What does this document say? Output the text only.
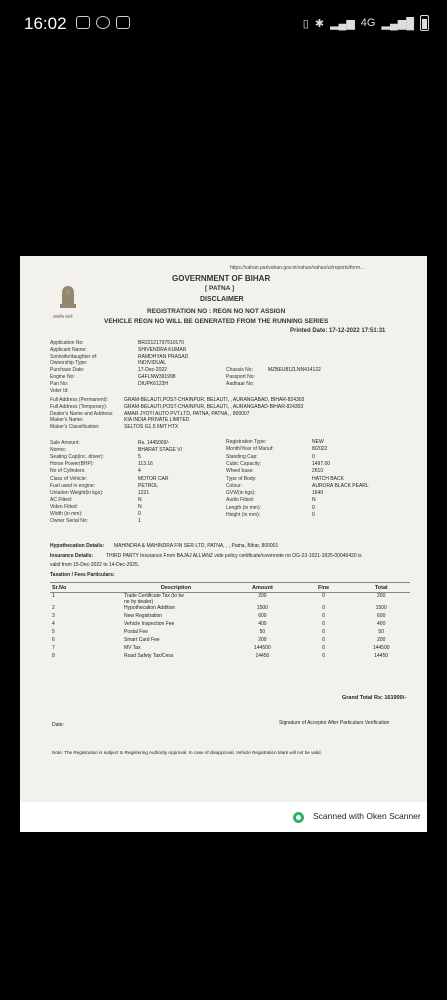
16:02	▯ ✱ ▂▄▆ 4G ▂▄▆█
https://vahan.parivahan.gov.in/vahan/vahan/ui/reports/form...
सत्यमेव जयते
GOVERNMENT OF BIHAR
[ PATNA ]
DISCLAIMER
REGISTRATION NO : REGN NO NOT ASSIGN
VEHICLE REGN NO WILL BE GENERATED FROM THE RUNNING SERIES
Printed Date: 17-12-2022 17:51:31
Application No:	BR22121797510170
Applicant Name:	SHIVENDRA KUMAR
Son/wife/daughter of:	RAMDHYAN PRASAD
Ownership Type:	INDIVIDUAL
Purchase Date:	17-Dec-2022
Engine No:	G4FLNW391998
Pan No:	DIUPK6123H
Voter Id:
Chassis No:	MZBEU81ZLNN414122
Passport No:
Aadhaar No:
Full Address (Permanent):	GRAM-BELAUTI,POST-CHAINPUR, BELAUTI, , AURANGABAD, BIHAR-824303
Full Address (Temporary):	GRAM-BELAUTI,POST-CHAINPUR, BELAUTI, , AURANGABAD-BIHAR-824303
Dealer's Name and Address: AMAR JYOTI AUTO PVT.LTD, PATNA, PATNA, , 800007
Maker's Name:	KIA INDIA PRIVATE LIMITED
Maker's Classification:	SELTOS G1.5 6MT HTX
Sale Amount:	Rs. 1445000/-
Norms:	BHARAT STAGE VI
Seating Cap(inc. driver):	5
Horse Power(BHP):	113.16
No of Cylinders:	4
Class of Vehicle:	MOTOR CAR
Fuel used in engine:	PETROL
Unladen Weight(in kgs):	1221
AC Fitted:	N
Video Fitted:	N
Width (in mm):	0
Owner Serial No:	1
Registration Type:	NEW
Month/Year of Manuf:	8/2022
Standing Cap:	0
Cubic Capacity:	1497.00
Wheel base:	2610
Type of Body:	HATCH BACK
Colour:	AURORA BLACK PEARL
GVW(in kgs):	1640
Audio Fitted:	N
Length (in mm):	0
Height (in mm):	0
Hypothecation Details: MAHINDRA & MAHINDRA FIN SER LTD, PATNA, , , Patna, Bihar, 800001
Insurance Details:	THIRD PARTY Insurance From BAJAJ ALLIANZ vide policy certificate/covernote no OG-23-1021-1825-00046420 is
valid from 15-Dec-2022 to 14-Dec-2025.
Taxation / Fees Particulars:
Sr.No	Description	Amount	Fine	Total
1	Trade Certificate Tax (to be
ne by dealer)	200	0	200
2	Hypothecation Addition	1500	0	1500
3	New Registration	600	0	600
4	Vehicle Inspection Fee	400	0	400
5	Postal Fee	50	0	50
6	Smart Card Fee	200	0	200
7	MV Tax	144500	0	144500
8	Road Safety Tax/Cess	14450	0	14450
Grand Total Rs: 161900/-
Date:	Signature of Acceptor After Particulars Verification
Note: The Registration is subject to Registering Authority Approval. In case of disapproval, Vehicle Registration Mark will not be valid.
Scanned with Oken Scanner
